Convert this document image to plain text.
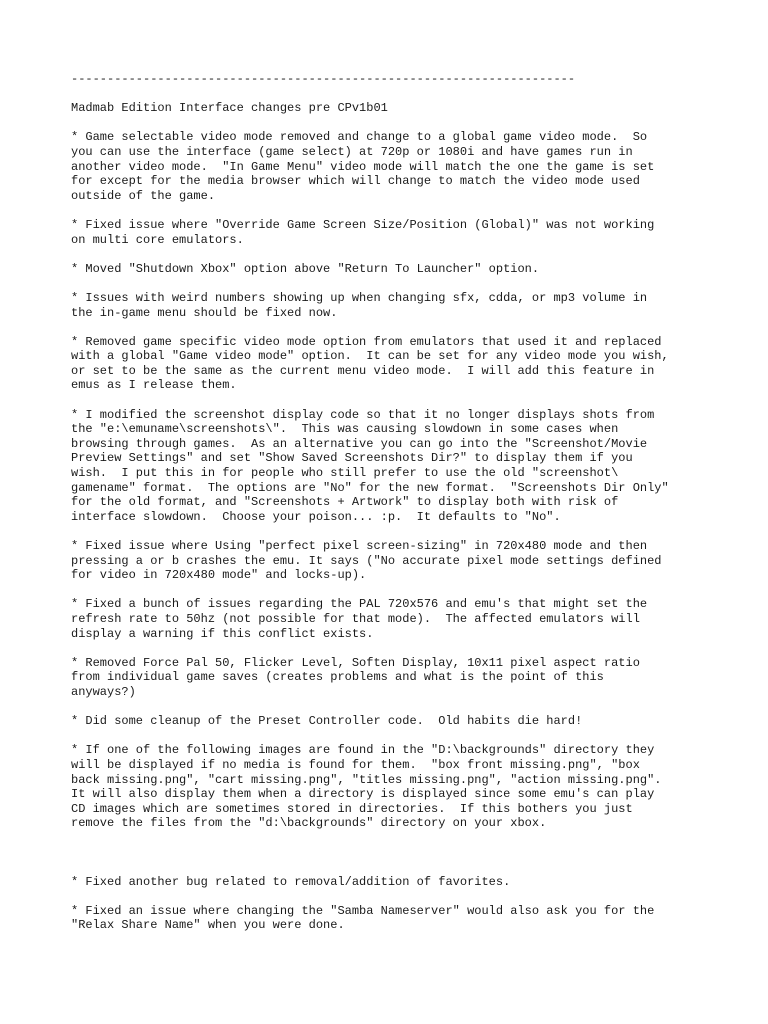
----------------------------------------------------------------------
Madmab Edition Interface changes pre CPv1b01
* Game selectable video mode removed and change to a global game video mode.  So
you can use the interface (game select) at 720p or 1080i and have games run in
another video mode.  "In Game Menu" video mode will match the one the game is set
for except for the media browser which will change to match the video mode used
outside of the game.
* Fixed issue where "Override Game Screen Size/Position (Global)" was not working
on multi core emulators.
* Moved "Shutdown Xbox" option above "Return To Launcher" option.
* Issues with weird numbers showing up when changing sfx, cdda, or mp3 volume in
the in-game menu should be fixed now.
* Removed game specific video mode option from emulators that used it and replaced
with a global "Game video mode" option.  It can be set for any video mode you wish,
or set to be the same as the current menu video mode.  I will add this feature in
emus as I release them.
* I modified the screenshot display code so that it no longer displays shots from
the "e:\emuname\screenshots\".  This was causing slowdown in some cases when
browsing through games.  As an alternative you can go into the "Screenshot/Movie
Preview Settings" and set "Show Saved Screenshots Dir?" to display them if you
wish.  I put this in for people who still prefer to use the old "screenshot\
gamename" format.  The options are "No" for the new format.  "Screenshots Dir Only"
for the old format, and "Screenshots + Artwork" to display both with risk of
interface slowdown.  Choose your poison... :p.  It defaults to "No".
* Fixed issue where Using "perfect pixel screen-sizing" in 720x480 mode and then
pressing a or b crashes the emu. It says ("No accurate pixel mode settings defined
for video in 720x480 mode" and locks-up).
* Fixed a bunch of issues regarding the PAL 720x576 and emu's that might set the
refresh rate to 50hz (not possible for that mode).  The affected emulators will
display a warning if this conflict exists.
* Removed Force Pal 50, Flicker Level, Soften Display, 10x11 pixel aspect ratio
from individual game saves (creates problems and what is the point of this
anyways?)
* Did some cleanup of the Preset Controller code.  Old habits die hard!
* If one of the following images are found in the "D:\backgrounds" directory they
will be displayed if no media is found for them.  "box front missing.png", "box
back missing.png", "cart missing.png", "titles missing.png", "action missing.png".
It will also display them when a directory is displayed since some emu's can play
CD images which are sometimes stored in directories.  If this bothers you just
remove the files from the "d:\backgrounds" directory on your xbox.
* Fixed another bug related to removal/addition of favorites.
* Fixed an issue where changing the "Samba Nameserver" would also ask you for the
"Relax Share Name" when you were done.
